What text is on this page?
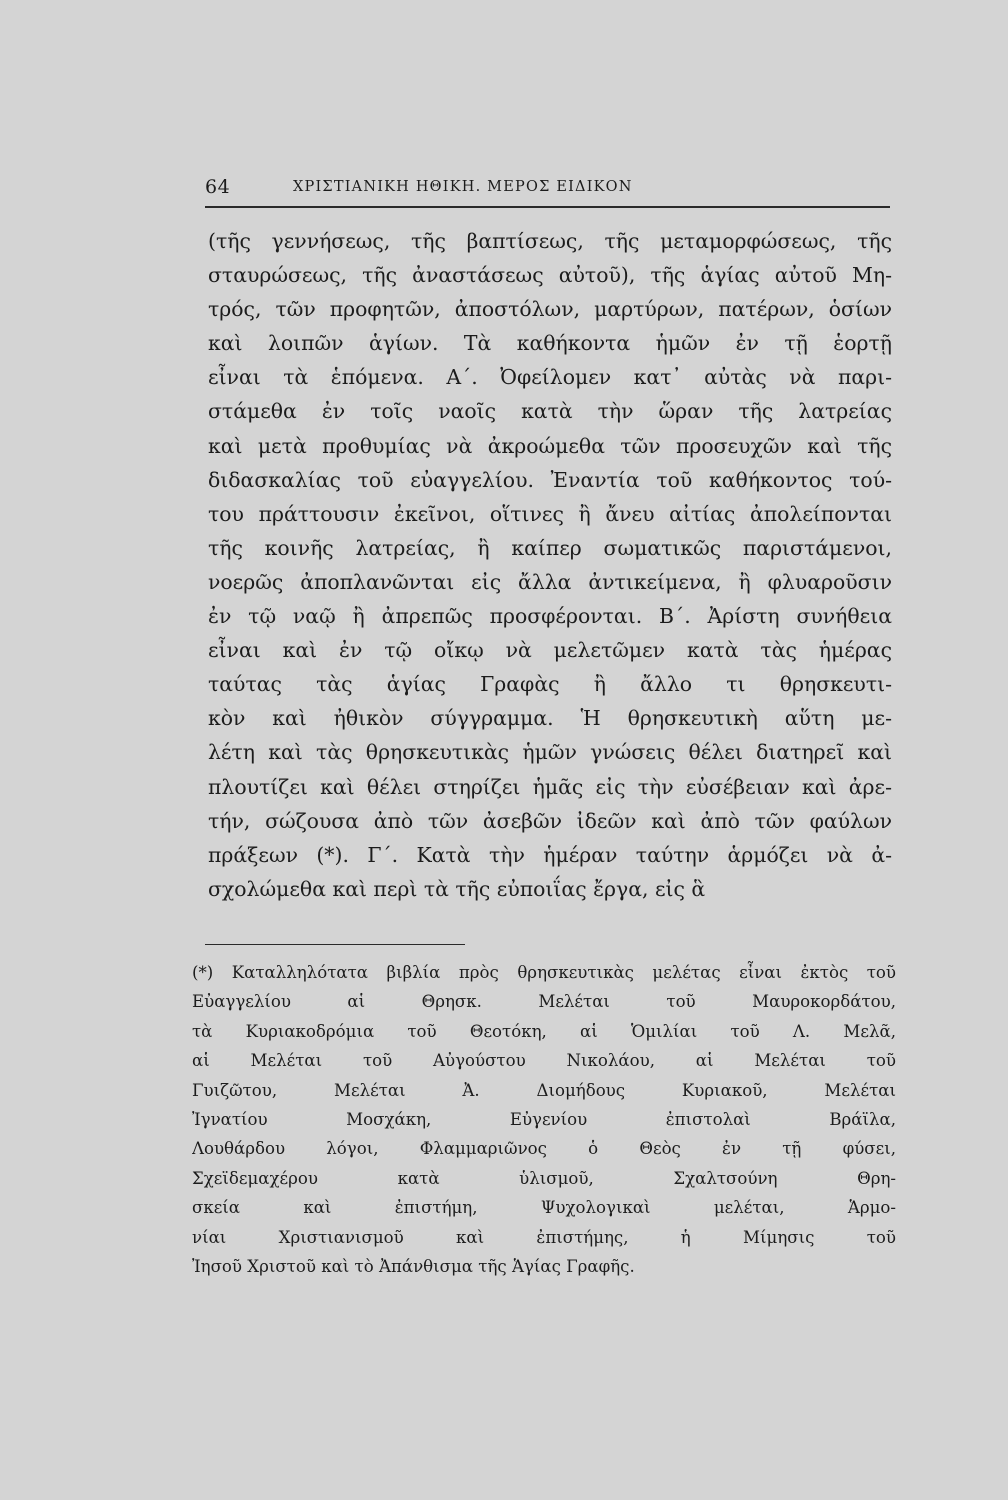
64	ΧΡΙΣΤΙΑΝΙΚΗ ΗΘΙΚΗ. ΜΕΡΟΣ ΕΙΔΙΚΟΝ
(τῆς γεννήσεως, τῆς βαπτίσεως, τῆς μεταμορφώσεως, τῆς
σταυρώσεως, τῆς ἀναστάσεως αὐτοῦ), τῆς ἁγίας αὐτοῦ Μη-
τρός, τῶν προφητῶν, ἀποστόλων, μαρτύρων, πατέρων, ὁσίων
καὶ λοιπῶν ἁγίων. Τὰ καθήκοντα ἡμῶν ἐν τῇ ἑορτῇ
εἶναι τὰ ἑπόμενα. Α΄. Ὀφείλομεν κατ᾽ αὐτὰς νὰ παρι-
στάμεθα ἐν τοῖς ναοῖς κατὰ τὴν ὥραν τῆς λατρείας
καὶ μετὰ προθυμίας νὰ ἀκροώμεθα τῶν προσευχῶν καὶ τῆς
διδασκαλίας τοῦ εὐαγγελίου. Ἐναντία τοῦ καθήκοντος τού-
του πράττουσιν ἐκεῖνοι, οἵτινες ἢ ἄνευ αἰτίας ἀπολείπονται
τῆς κοινῆς λατρείας, ἢ καίπερ σωματικῶς παριστάμενοι,
νοερῶς ἀποπλανῶνται εἰς ἄλλα ἀντικείμενα, ἢ φλυαροῦσιν
ἐν τῷ ναῷ ἢ ἀπρεπῶς προσφέρονται. Β΄. Ἀρίστη συνήθεια
εἶναι καὶ ἐν τῷ οἴκῳ νὰ μελετῶμεν κατὰ τὰς ἡμέρας
ταύτας τὰς ἁγίας Γραφὰς ἢ ἄλλο τι θρησκευτι-
κὸν καὶ ἠθικὸν σύγγραμμα. Ἡ θρησκευτικὴ αὕτη με-
λέτη καὶ τὰς θρησκευτικὰς ἡμῶν γνώσεις θέλει διατηρεῖ καὶ
πλουτίζει καὶ θέλει στηρίζει ἡμᾶς εἰς τὴν εὐσέβειαν καὶ ἀρε-
τήν, σώζουσα ἀπὸ τῶν ἀσεβῶν ἰδεῶν καὶ ἀπὸ τῶν φαύλων
πράξεων (*). Γ΄. Κατὰ τὴν ἡμέραν ταύτην ἁρμόζει νὰ ἀ-
σχολώμεθα καὶ περὶ τὰ τῆς εὐποιΐας ἔργα, εἰς ἃ
(*) Καταλληλότατα βιβλία πρὸς θρησκευτικὰς μελέτας εἶναι ἐκτὸς τοῦ
Εὐαγγελίου αἱ Θρησκ. Μελέται τοῦ Μαυροκορδάτου,
τὰ Κυριακοδρόμια τοῦ Θεοτόκη, αἱ Ὁμιλίαι τοῦ Λ. Μελᾶ,
αἱ Μελέται τοῦ Αὐγούστου Νικολάου, αἱ Μελέται τοῦ
Γυιζῶτου, Μελέται Ἀ. Διομήδους Κυριακοῦ, Μελέται
Ἰγνατίου Μοσχάκη, Εὐγενίου ἐπιστολαὶ Βράϊλα,
Λουθάρδου λόγοι, Φλαμμαριῶνος ὁ Θεὸς ἐν τῇ φύσει,
Σχεϊδεμαχέρου κατὰ ὑλισμοῦ, Σχαλτσούνη Θρη-
σκεία καὶ ἐπιστήμη, Ψυχολογικαὶ μελέται, Ἁρμο-
νίαι Χριστιανισμοῦ καὶ ἐπιστήμης, ἡ Μίμησις τοῦ
Ἰησοῦ Χριστοῦ καὶ τὸ Ἀπάνθισμα τῆς Ἁγίας Γραφῆς.
